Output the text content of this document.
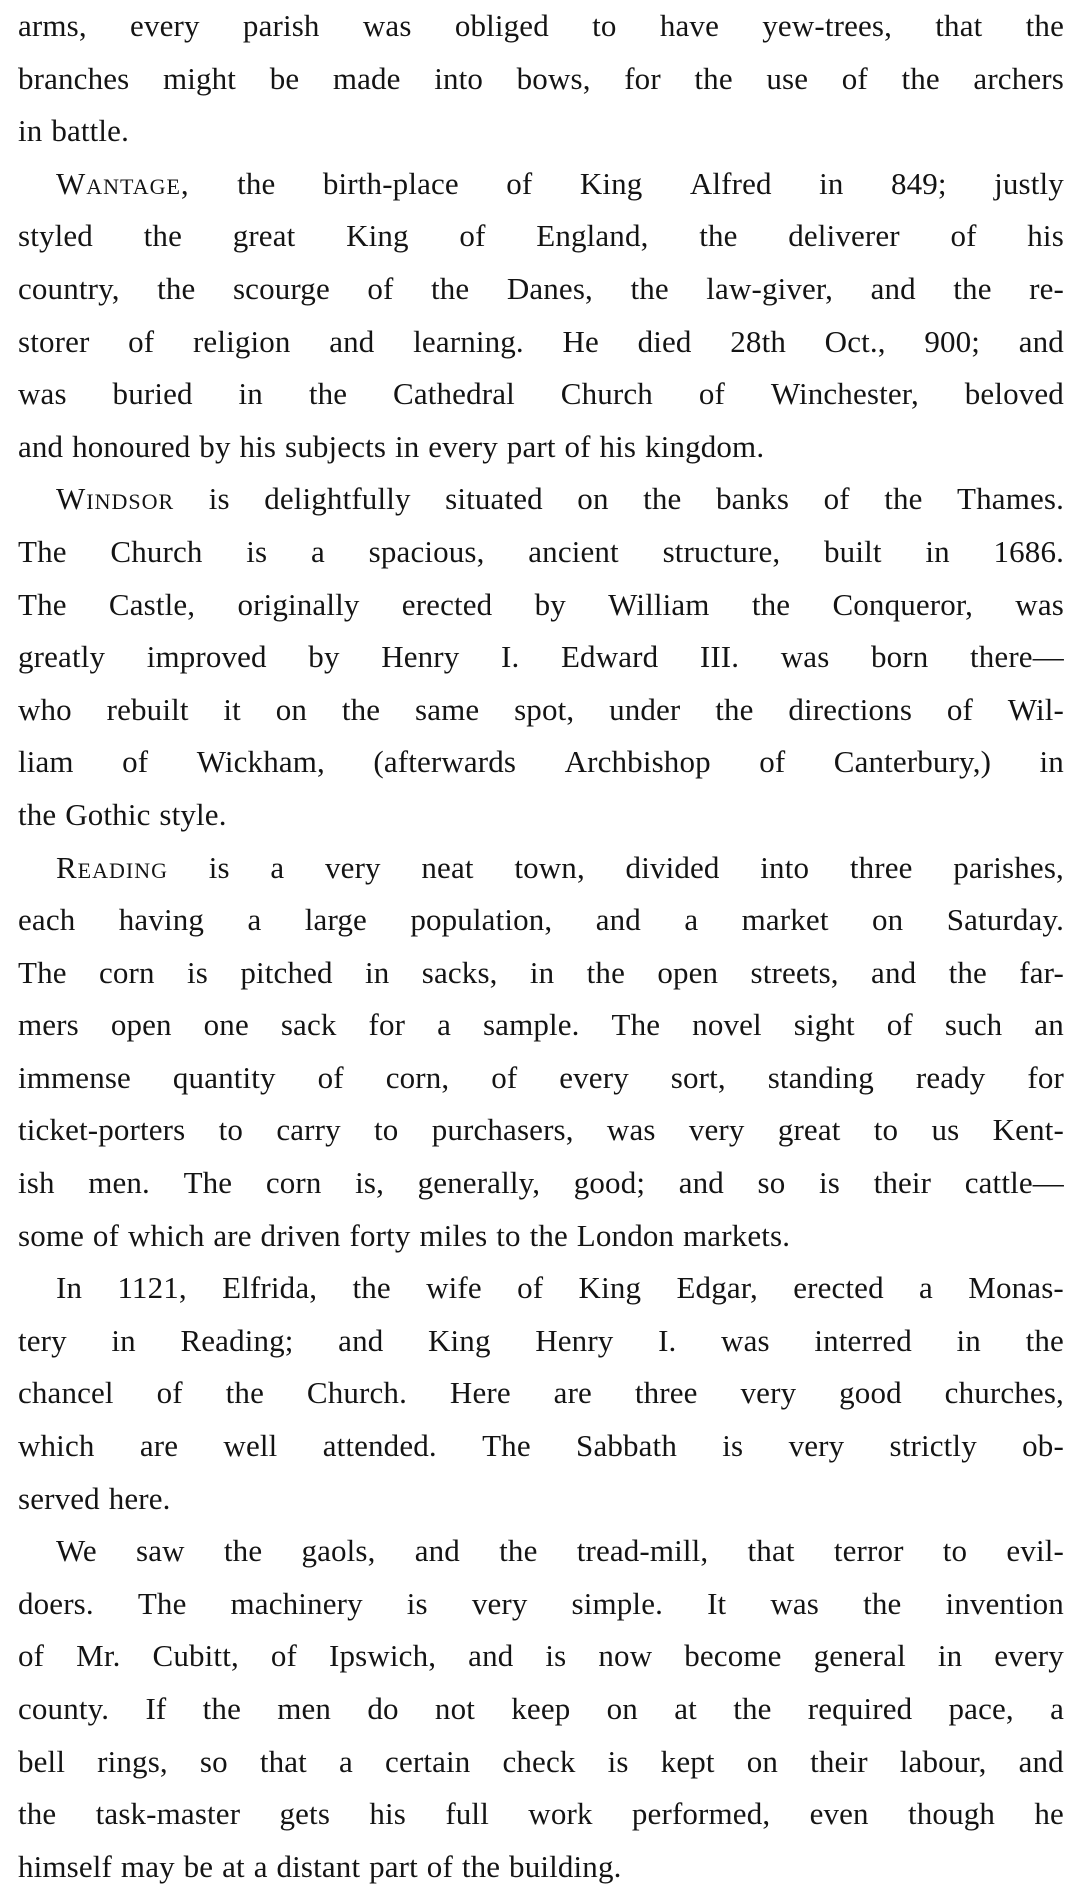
arms, every parish was obliged to have yew-trees, that the
branches might be made into bows, for the use of the archers
in battle.
Wantage, the birth-place of King Alfred in 849; justly
styled the great King of England, the deliverer of his
country, the scourge of the Danes, the law-giver, and the re-
storer of religion and learning. He died 28th Oct., 900; and
was buried in the Cathedral Church of Winchester, beloved
and honoured by his subjects in every part of his kingdom.
Windsor is delightfully situated on the banks of the Thames.
The Church is a spacious, ancient structure, built in 1686.
The Castle, originally erected by William the Conqueror, was
greatly improved by Henry I. Edward III. was born there—
who rebuilt it on the same spot, under the directions of Wil-
liam of Wickham, (afterwards Archbishop of Canterbury,) in
the Gothic style.
Reading is a very neat town, divided into three parishes,
each having a large population, and a market on Saturday.
The corn is pitched in sacks, in the open streets, and the far-
mers open one sack for a sample. The novel sight of such an
immense quantity of corn, of every sort, standing ready for
ticket-porters to carry to purchasers, was very great to us Kent-
ish men. The corn is, generally, good; and so is their cattle—
some of which are driven forty miles to the London markets.
In 1121, Elfrida, the wife of King Edgar, erected a Monas-
tery in Reading; and King Henry I. was interred in the
chancel of the Church. Here are three very good churches,
which are well attended. The Sabbath is very strictly ob-
served here.
We saw the gaols, and the tread-mill, that terror to evil-
doers. The machinery is very simple. It was the invention
of Mr. Cubitt, of Ipswich, and is now become general in every
county. If the men do not keep on at the required pace, a
bell rings, so that a certain check is kept on their labour, and
the task-master gets his full work performed, even though he
himself may be at a distant part of the building.
